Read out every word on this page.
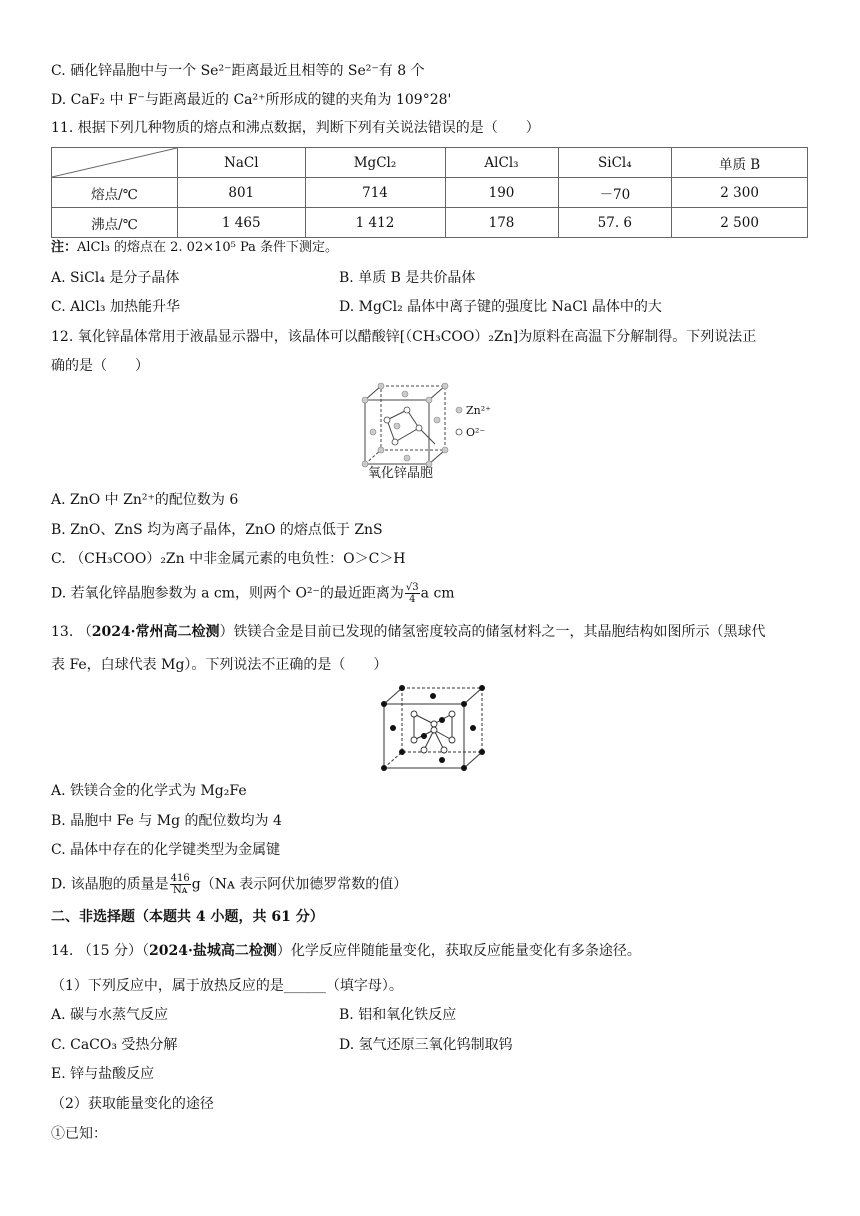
C. 硒化锌晶胞中与一个 Se²⁻距离最近且相等的 Se²⁻有 8 个
D. CaF₂ 中 F⁻与距离最近的 Ca²⁺所形成的键的夹角为 109°28'
11. 根据下列几种物质的熔点和沸点数据，判断下列有关说法错误的是（　　）
	NaCl	MgCl₂	AlCl₃	SiCl₄	单质 B
熔点/℃	801	714	190	－70	2 300
沸点/℃	1 465	1 412	178	57. 6	2 500
注：AlCl₃ 的熔点在 2. 02×10⁵ Pa 条件下测定。
A. SiCl₄ 是分子晶体	B. 单质 B 是共价晶体
C. AlCl₃ 加热能升华	D. MgCl₂ 晶体中离子键的强度比 NaCl 晶体中的大
12. 氧化锌晶体常用于液晶显示器中，该晶体可以醋酸锌[（CH₃COO）₂Zn]为原料在高温下分解制得。下列说法正
确的是（　　）
Zn²⁺
O²⁻
氧化锌晶胞
A. ZnO 中 Zn²⁺的配位数为 6
B. ZnO、ZnS 均为离子晶体，ZnO 的熔点低于 ZnS
C. （CH₃COO）₂Zn 中非金属元素的电负性：O＞C＞H
D. 若氧化锌晶胞参数为 a cm，则两个 O²⁻的最近距离为 $\frac{√3}{4}$ a cm
13. （2024·常州高二检测）铁镁合金是目前已发现的储氢密度较高的储氢材料之一，其晶胞结构如图所示（黑球代
表 Fe，白球代表 Mg）。下列说法不正确的是（　　）
A. 铁镁合金的化学式为 Mg₂Fe
B. 晶胞中 Fe 与 Mg 的配位数均为 4
C. 晶体中存在的化学键类型为金属键
D. 该晶胞的质量是 $\frac{416}{\text{Nᴀ}}$ g（Nᴀ 表示阿伏加德罗常数的值）
二、非选择题（本题共 4 小题，共 61 分）
14. （15 分）（2024·盐城高二检测）化学反应伴随能量变化，获取反应能量变化有多条途径。
（1）下列反应中，属于放热反应的是______（填字母）。
A. 碳与水蒸气反应	B. 铝和氧化铁反应
C. CaCO₃ 受热分解	D. 氢气还原三氧化钨制取钨
E. 锌与盐酸反应
（2）获取能量变化的途径
①已知：
